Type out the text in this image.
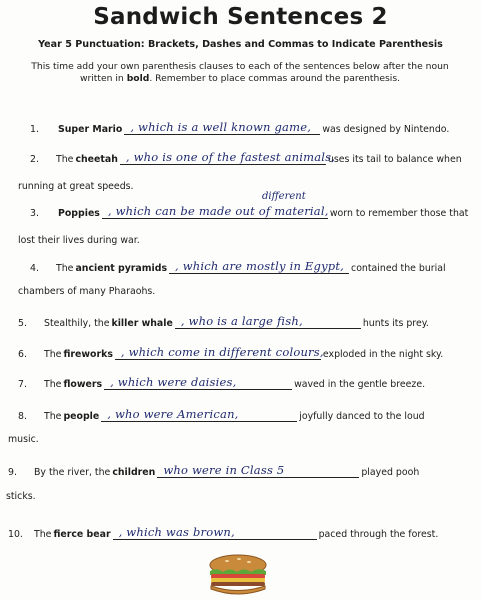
Sandwich Sentences 2
Year 5 Punctuation: Brackets, Dashes and Commas to Indicate Parenthesis
This time add your own parenthesis clauses to each of the sentences below after the noun written in bold. Remember to place commas around the parenthesis.
1.	Super Mario , which is a well known game, was designed by Nintendo.
2.	The cheetah , who is one of the fastest animals,
uses its tail to balance when
running at great speeds.
different
3.	Poppies , which can be made out of material, worn to remember those that
lost their lives during war.
4.	The ancient pyramids , which are mostly in Egypt, contained the burial
chambers of many Pharaohs.
5.	Stealthily, the killer whale , who is a large fish,	hunts its prey.
6.	The fireworks , which come in different colours, exploded in the night sky.
7.	The flowers , which were daisies,	waved in the gentle breeze.
8.	The people , who were American,	joyfully danced to the loud
music.
9.	By the river, the children who were in Class 5	played pooh
sticks.
10.	The fierce bear , which was brown,	paced through the forest.
